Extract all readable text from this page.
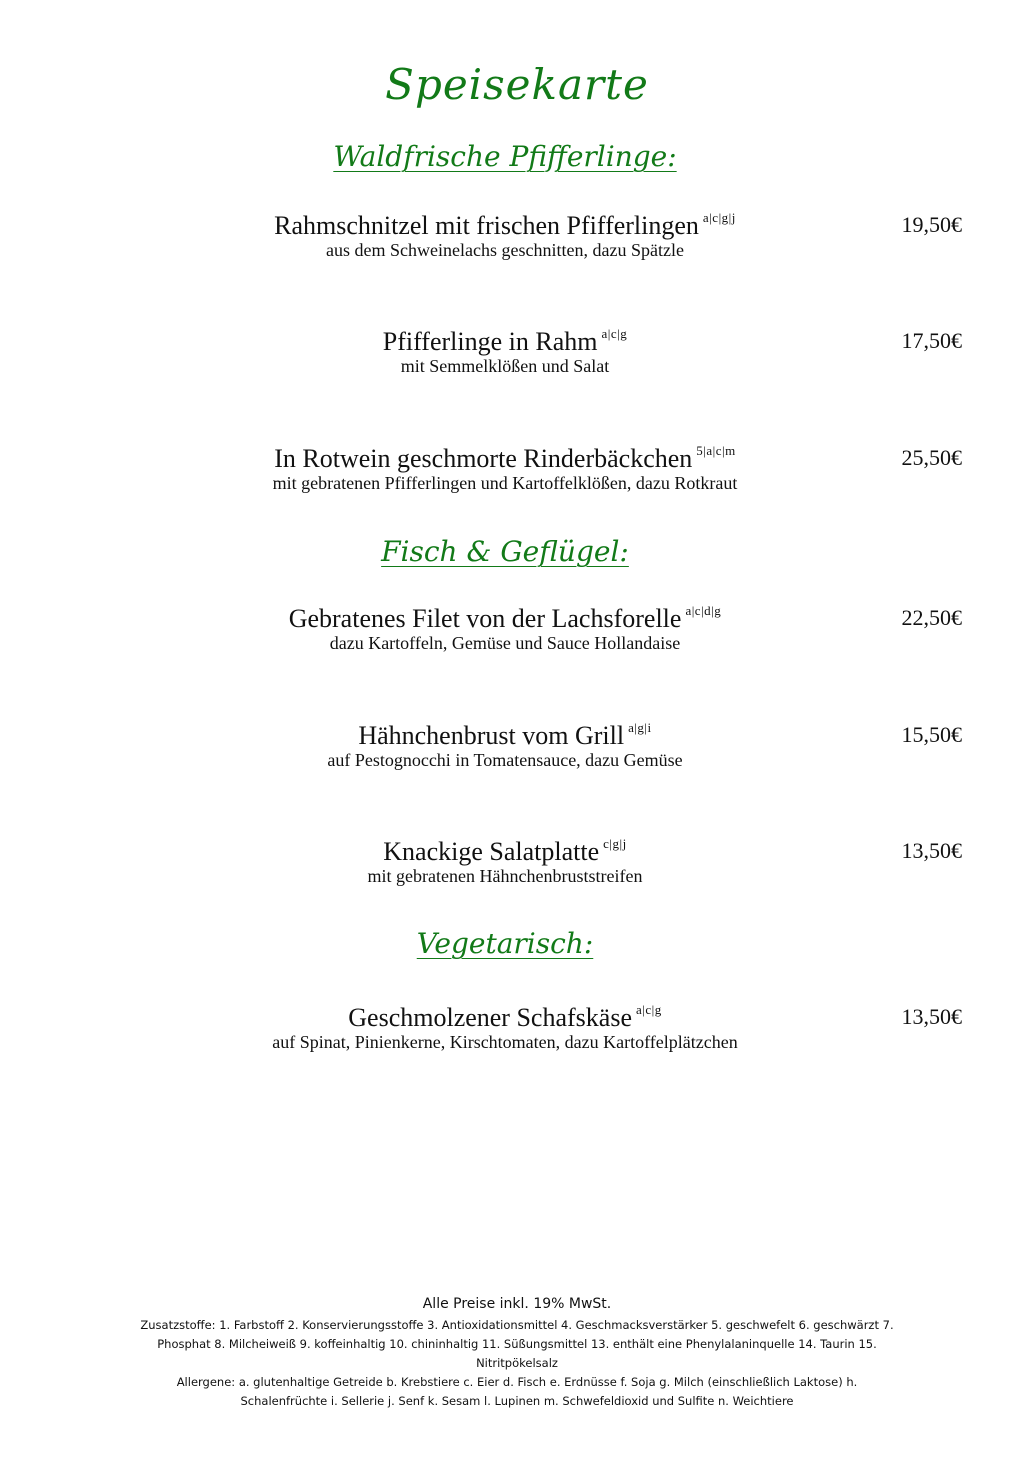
Speisekarte
Waldfrische Pfifferlinge:
Rahmschnitzel mit frischen Pfifferlingen $^{a|c|g|j}$
aus dem Schweinelachs geschnitten, dazu Spätzle
19,50€
Pfifferlinge in Rahm $^{a|c|g}$
mit Semmelklößen und Salat
17,50€
In Rotwein geschmorte Rinderbäckchen $^{5|a|c|m}$
mit gebratenen Pfifferlingen und Kartoffelklößen, dazu Rotkraut
25,50€
Fisch & Geflügel:
Gebratenes Filet von der Lachsforelle $^{a|c|d|g}$
dazu Kartoffeln, Gemüse und Sauce Hollandaise
22,50€
Hähnchenbrust vom Grill $^{a|g|i}$
auf Pestognocchi in Tomatensauce, dazu Gemüse
15,50€
Knackige Salatplatte $^{c|g|j}$
mit gebratenen Hähnchenbruststreifen
13,50€
Vegetarisch:
Geschmolzener Schafskäse $^{a|c|g}$
auf Spinat, Pinienkerne, Kirschtomaten, dazu Kartoffelplätzchen
13,50€
Alle Preise inkl. 19% MwSt.
Zusatzstoffe: 1. Farbstoff 2. Konservierungsstoffe 3. Antioxidationsmittel 4. Geschmacksverstärker 5. geschwefelt 6. geschwärzt 7. Phosphat 8. Milcheiweiß 9. koffeinhaltig 10. chininhaltig 11. Süßungsmittel 13. enthält eine Phenylalaninquelle 14. Taurin 15. Nitritpökelsalz
Allergene: a. glutenhaltige Getreide b. Krebstiere c. Eier d. Fisch e. Erdnüsse f. Soja g. Milch (einschließlich Laktose) h. Schalenfrüchte i. Sellerie j. Senf k. Sesam l. Lupinen m. Schwefeldioxid und Sulfite n. Weichtiere
